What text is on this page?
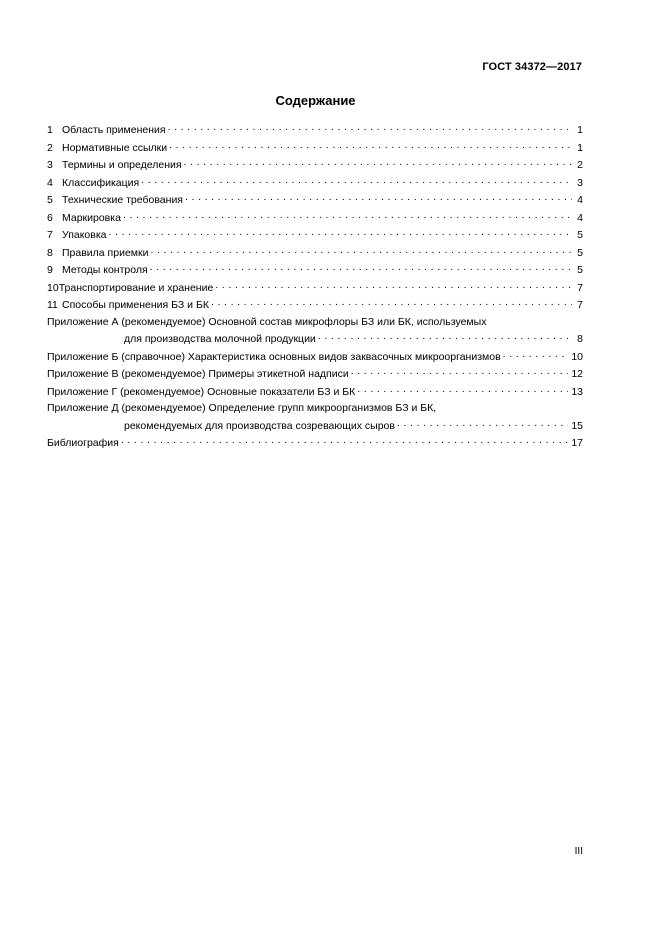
ГОСТ 34372—2017
Содержание
1 Область применения . . .	1
2 Нормативные ссылки . . .	1
3 Термины и определения . . .	2
4 Классификация . . .	3
5 Технические требования . . .	4
6 Маркировка . . .	4
7 Упаковка . . .	5
8 Правила приемки . . .	5
9 Методы контроля . . .	5
10 Транспортирование и хранение . . .	7
11 Способы применения БЗ и БК . . .	7
Приложение А (рекомендуемое) Основной состав микрофлоры БЗ или БК, используемых
для производства молочной продукции . . .	8
Приложение Б (справочное) Характеристика основных видов заквасочных микроорганизмов . . .	10
Приложение В (рекомендуемое) Примеры этикетной надписи . . .	12
Приложение Г (рекомендуемое) Основные показатели БЗ и БК . . .	13
Приложение Д (рекомендуемое) Определение групп микроорганизмов БЗ и БК,
рекомендуемых для производства созревающих сыров . . .	15
Библиография . . .	17
III
